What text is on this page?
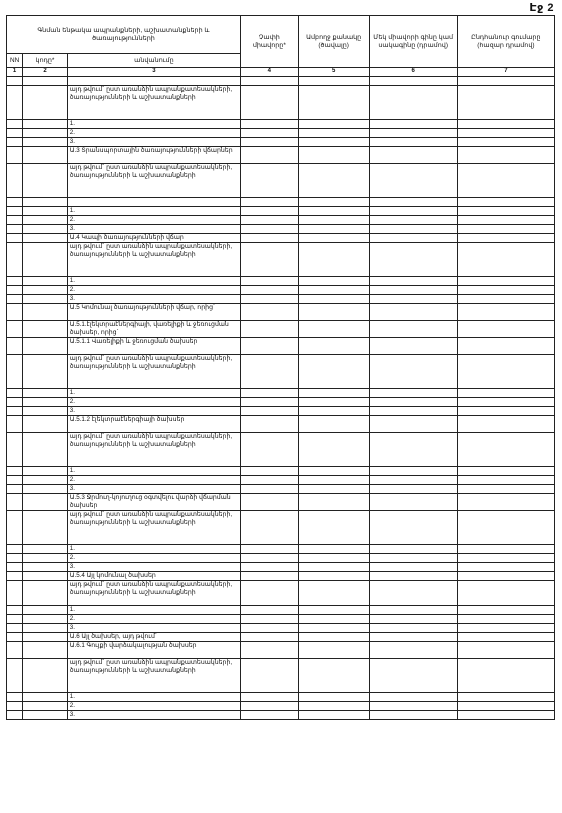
Էջ 2
Գնման ենթակա ապրանքների, աշխատանքների և ծառայությունների			Չափի միավորը*	Ամբողջ քանակը (ծավալը)	Մեկ միավորի գինը կամ սակագինը (դրամով)	Ընդհանուր գումարը (հազար դրամով)
NN	կոդը*	անվանումը				
1	2	3	4	5	6	7

		այդ թվում` ըստ առանձին ապրանքատեսակների, ծառայությունների և աշխատանքների				
		1.				
		2.				
		3.				
		Ա.3 Տրանսպորտային ծառայությունների վճարներ				
		այդ թվում` ըստ առանձին ապրանքատեսակների, ծառայությունների և աշխատանքների				

		1.				
		2.				
		3.				
		Ա.4 Կապի ծառայությունների վճար				
		այդ թվում` ըստ առանձին ապրանքատեսակների, ծառայությունների և աշխատանքների				
		1.				
		2.				
		3.				
		Ա.5 Կոմունալ ծառայությունների վճար, որից`				
		Ա.5.1.էլեկտրաէներգիայի, վառելիքի և ջեռուցման ծախսեր, որից`				
		Ա.5.1.1 Վառելիքի և ջեռուցման ծախսեր				
		այդ թվում` ըստ առանձին ապրանքատեսակների, ծառայությունների և աշխատանքների				
		1.				
		2.				
		3.				
		Ա.5.1.2 էլեկտրաէներգիայի ծախսեր				
		այդ թվում` ըստ առանձին ապրանքատեսակների, ծառայությունների և աշխատանքների				
		1.				
		2.				
		3.				
		Ա.5.3 Ջրմուղ-կոյուղուց օգտվելու վարձի վճարման ծախսեր				
		այդ թվում` ըստ առանձին ապրանքատեսակների, ծառայությունների և աշխատանքների				
		1.				
		2.				
		3.				
		Ա.5.4 Այլ կոմունալ ծախսեր				
		այդ թվում` ըստ առանձին ապրանքատեսակների, ծառայությունների և աշխատանքների				
		1.				
		2.				
		3.				
		Ա.6 Այլ ծախսեր, այդ թվում`				
		Ա.6.1 Գույքի վարձակալության ծախսեր				
		այդ թվում` ըստ առանձին ապրանքատեսակների, ծառայությունների և աշխատանքների				
		1.				
		2.				
		3.				
